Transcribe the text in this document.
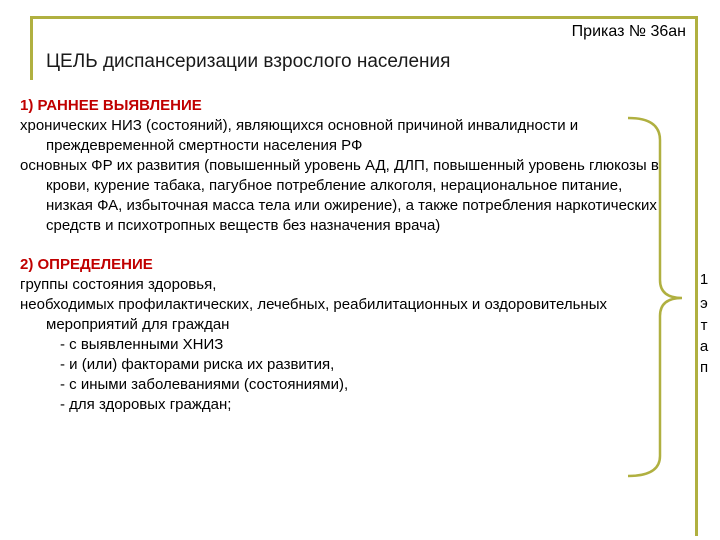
Приказ № 36ан
ЦЕЛЬ диспансеризации взрослого населения

1) РАННЕЕ ВЫЯВЛЕНИЕ

хронических НИЗ (состояний), являющихся основной причиной инвалидности и преждевременной смертности населения РФ

основных ФР их развития (повышенный уровень АД, ДЛП, повышенный уровень глюкозы в крови, курение табака, пагубное потребление алкоголя, нерациональное питание, низкая ФА, избыточная масса тела или ожирение), а также потребления наркотических средств и психотропных веществ без назначения врача)

2) ОПРЕДЕЛЕНИЕ

группы состояния здоровья,

необходимых профилактических, лечебных, реабилитационных и оздоровительных мероприятий для граждан

- с выявленными ХНИЗ

- и (или) факторами риска их развития,

- с иными заболеваниями (состояниями),

- для здоровых граждан;

1
э
т
а
п
